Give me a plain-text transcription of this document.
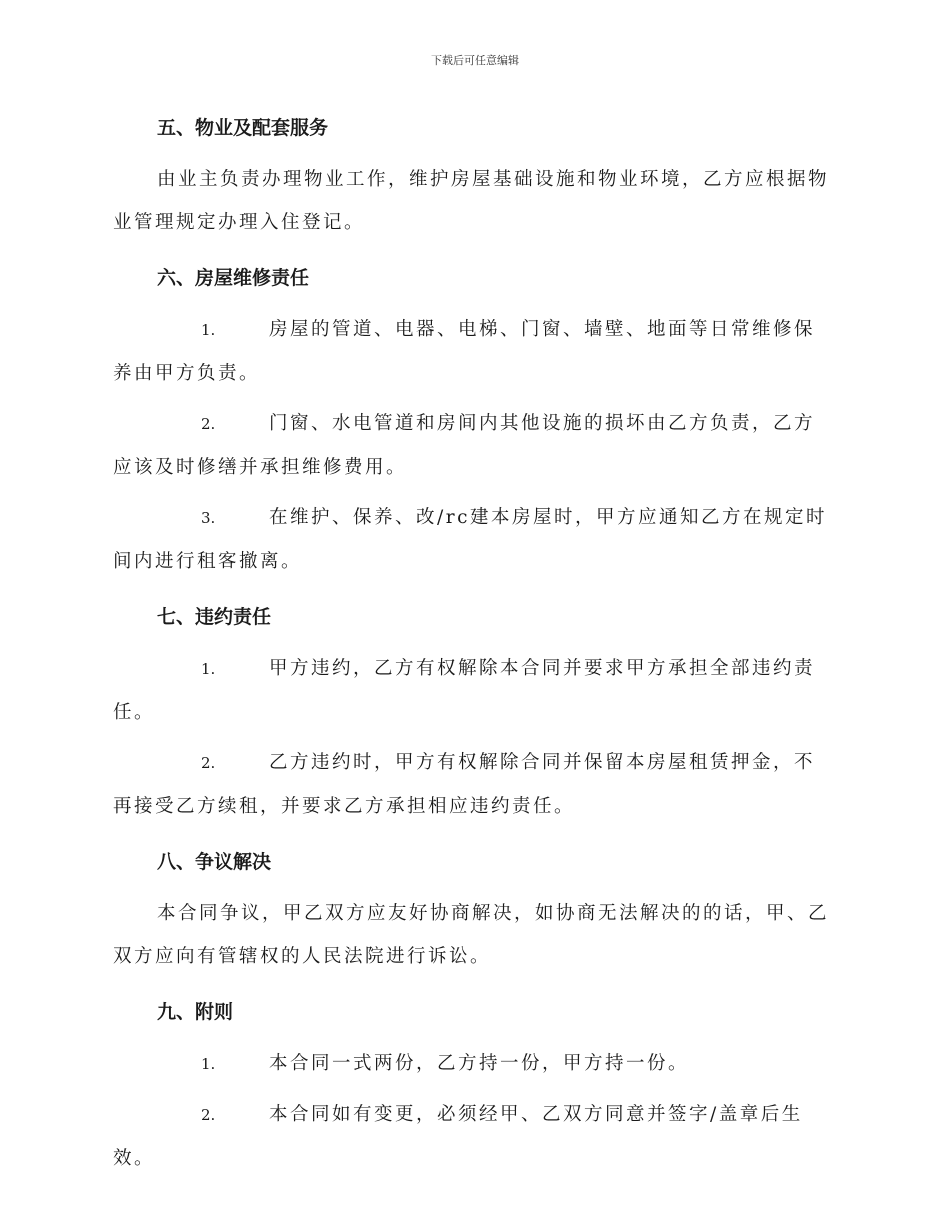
下载后可任意编辑

五、物业及配套服务

由业主负责办理物业工作，维护房屋基础设施和物业环境，乙方应根据物业管理规定办理入住登记。

六、房屋维修责任

1.	房屋的管道、电器、电梯、门窗、墙壁、地面等日常维修保养由甲方负责。

2.	门窗、水电管道和房间内其他设施的损坏由乙方负责，乙方应该及时修缮并承担维修费用。

3.	在维护、保养、改/rc建本房屋时，甲方应通知乙方在规定时间内进行租客撤离。

七、违约责任

1.	甲方违约，乙方有权解除本合同并要求甲方承担全部违约责任。

2.	乙方违约时，甲方有权解除合同并保留本房屋租赁押金，不再接受乙方续租，并要求乙方承担相应违约责任。

八、争议解决

本合同争议，甲乙双方应友好协商解决，如协商无法解决的的话，甲、乙双方应向有管辖权的人民法院进行诉讼。

九、附则

1.	本合同一式两份，乙方持一份，甲方持一份。

2.	本合同如有变更，必须经甲、乙双方同意并签字/盖章后生效。
